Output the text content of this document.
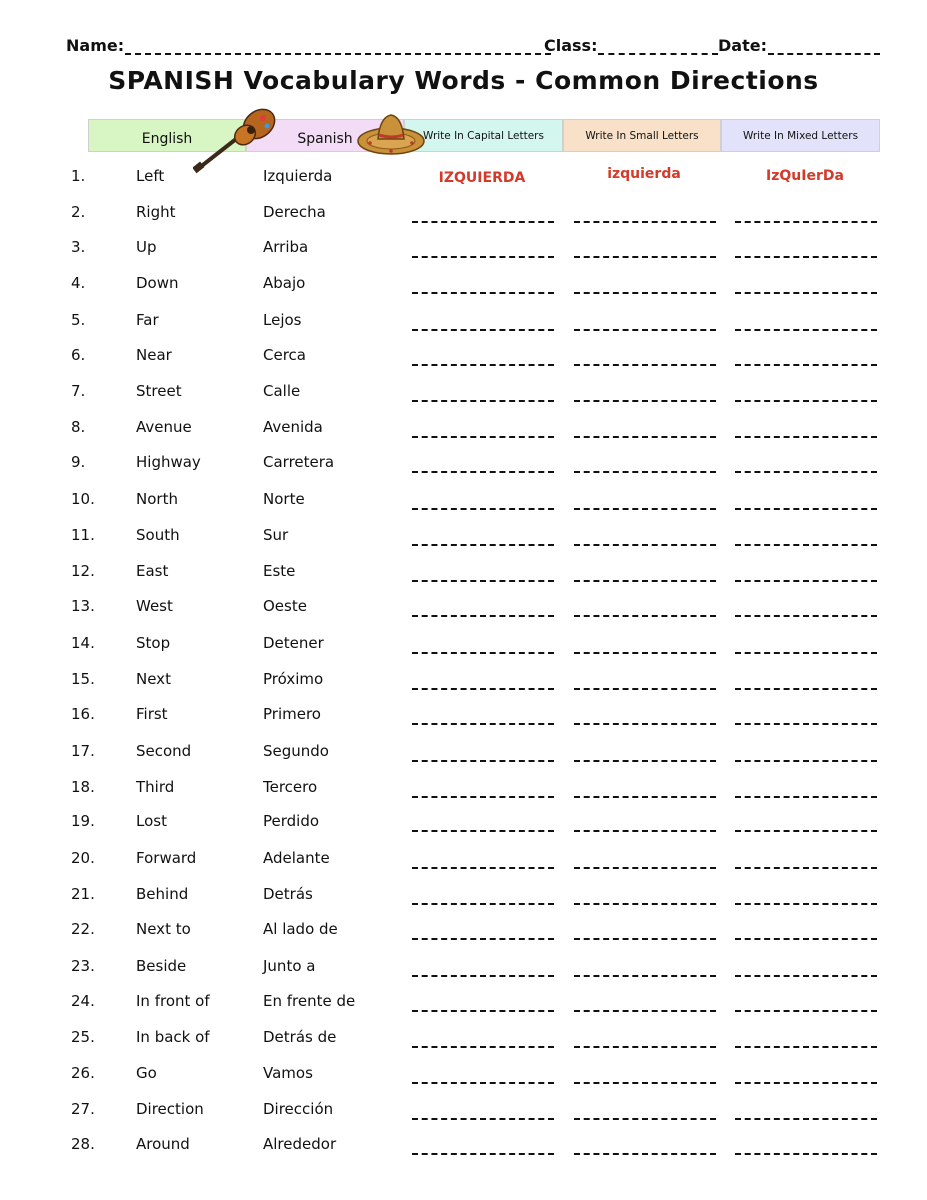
Name:	Class:	Date:
SPANISH Vocabulary Words - Common Directions
English	Spanish	Write In Capital Letters	Write In Small Letters	Write In Mixed Letters
1.	Left	Izquierda	IZQUIERDA	izquierda	IzQuIerDa
2.	Right	Derecha
3.	Up	Arriba
4.	Down	Abajo
5.	Far	Lejos
6.	Near	Cerca
7.	Street	Calle
8.	Avenue	Avenida
9.	Highway	Carretera
10.	North	Norte
11.	South	Sur
12.	East	Este
13.	West	Oeste
14.	Stop	Detener
15.	Next	Próximo
16.	First	Primero
17.	Second	Segundo
18.	Third	Tercero
19.	Lost	Perdido
20.	Forward	Adelante
21.	Behind	Detrás
22.	Next to	Al lado de
23.	Beside	Junto a
24.	In front of	En frente de
25.	In back of	Detrás de
26.	Go	Vamos
27.	Direction	Dirección
28.	Around	Alrededor
